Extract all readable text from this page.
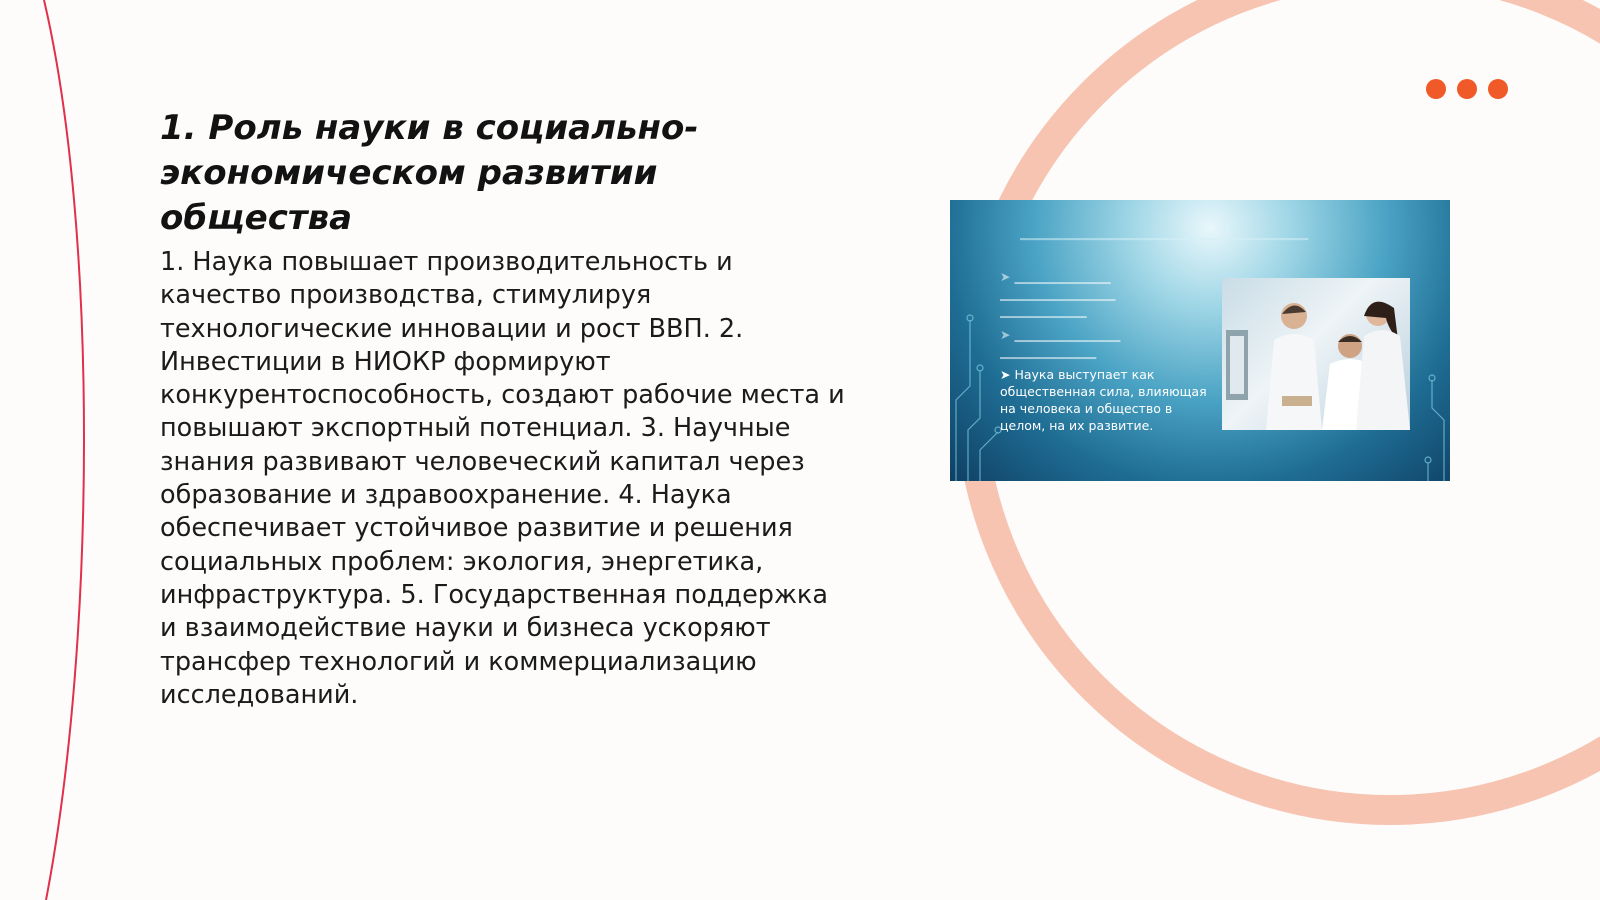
1. Роль науки в социально-экономическом развитии общества

1. Наука повышает производительность и качество производства, стимулируя технологические инновации и рост ВВП. 2. Инвестиции в НИОКР формируют конкурентоспособность, создают рабочие места и повышают экспортный потенциал. 3. Научные знания развивают человеческий капитал через образование и здравоохранение. 4. Наука обеспечивает устойчивое развитие и решения социальных проблем: экология, энергетика, инфраструктура. 5. Государственная поддержка и взаимодействие науки и бизнеса ускоряют трансфер технологий и коммерциализацию исследований.

▁▁▁▁▁▁▁▁▁▁▁▁▁▁▁▁▁▁▁▁▁▁▁▁▁▁▁▁
➤ ▁▁▁▁▁▁▁▁▁▁
▁▁▁▁▁▁▁▁▁▁▁▁
▁▁▁▁▁▁▁▁▁
➤ ▁▁▁▁▁▁▁▁▁▁▁
▁▁▁▁▁▁▁▁▁▁
➤ Наука выступает как общественная сила, влияющая на человека и общество в целом, на их развитие.
